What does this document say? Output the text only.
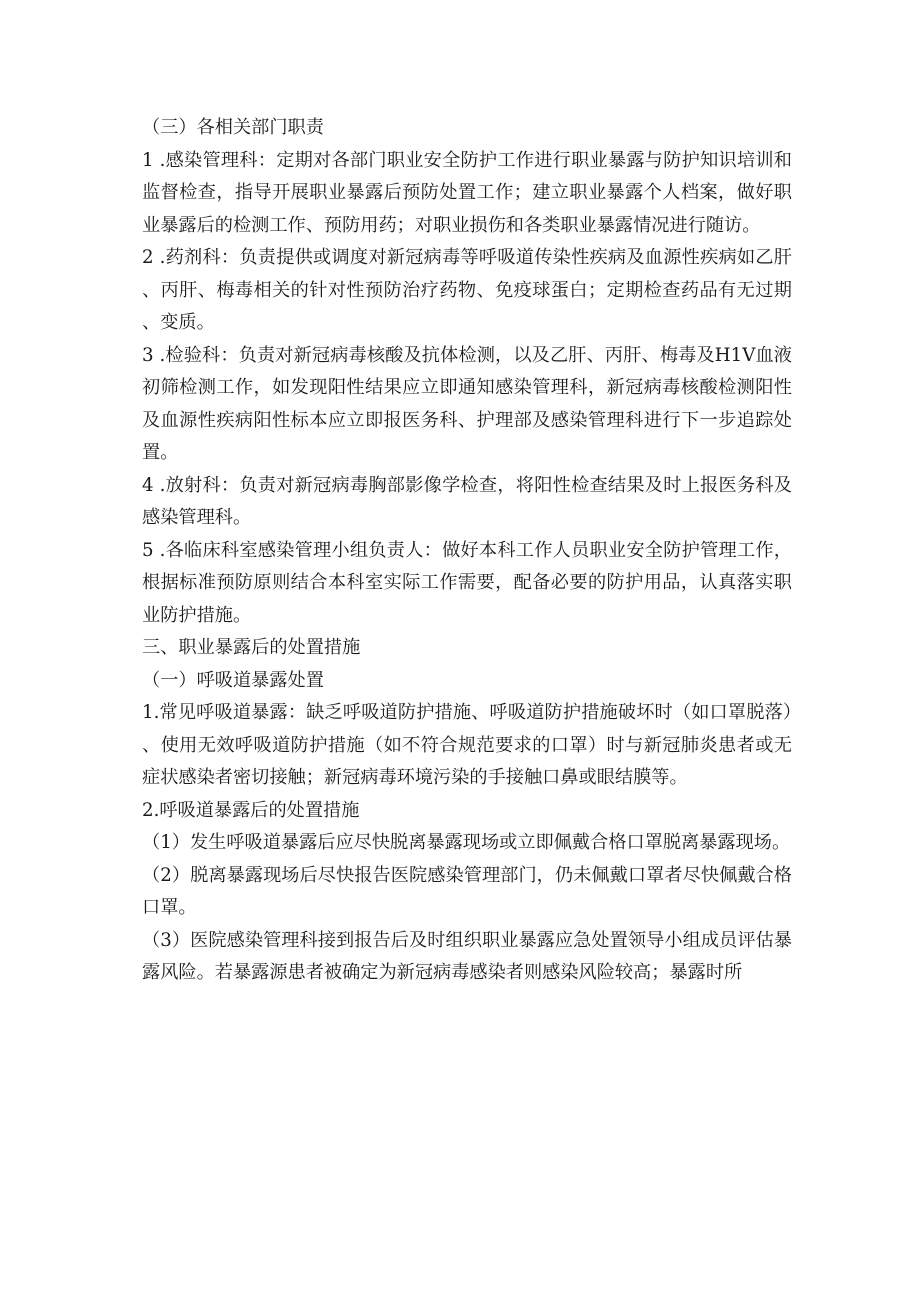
（三）各相关部门职责

1 .感染管理科：定期对各部门职业安全防护工作进行职业暴露与防护知识培训和监督检查，指导开展职业暴露后预防处置工作；建立职业暴露个人档案，做好职业暴露后的检测工作、预防用药；对职业损伤和各类职业暴露情况进行随访。

2 .药剂科：负责提供或调度对新冠病毒等呼吸道传染性疾病及血源性疾病如乙肝、丙肝、梅毒相关的针对性预防治疗药物、免疫球蛋白；定期检查药品有无过期、变质。

3 .检验科：负责对新冠病毒核酸及抗体检测，以及乙肝、丙肝、梅毒及H1V血液初筛检测工作，如发现阳性结果应立即通知感染管理科，新冠病毒核酸检测阳性及血源性疾病阳性标本应立即报医务科、护理部及感染管理科进行下一步追踪处置。

4 .放射科：负责对新冠病毒胸部影像学检查，将阳性检查结果及时上报医务科及感染管理科。

5 .各临床科室感染管理小组负责人：做好本科工作人员职业安全防护管理工作，根据标准预防原则结合本科室实际工作需要，配备必要的防护用品，认真落实职业防护措施。

三、职业暴露后的处置措施

（一）呼吸道暴露处置

1.常见呼吸道暴露：缺乏呼吸道防护措施、呼吸道防护措施破坏时（如口罩脱落）、使用无效呼吸道防护措施（如不符合规范要求的口罩）时与新冠肺炎患者或无症状感染者密切接触；新冠病毒环境污染的手接触口鼻或眼结膜等。

2.呼吸道暴露后的处置措施

（1）发生呼吸道暴露后应尽快脱离暴露现场或立即佩戴合格口罩脱离暴露现场。

（2）脱离暴露现场后尽快报告医院感染管理部门，仍未佩戴口罩者尽快佩戴合格口罩。

（3）医院感染管理科接到报告后及时组织职业暴露应急处置领导小组成员评估暴露风险。若暴露源患者被确定为新冠病毒感染者则感染风险较高；暴露时所
